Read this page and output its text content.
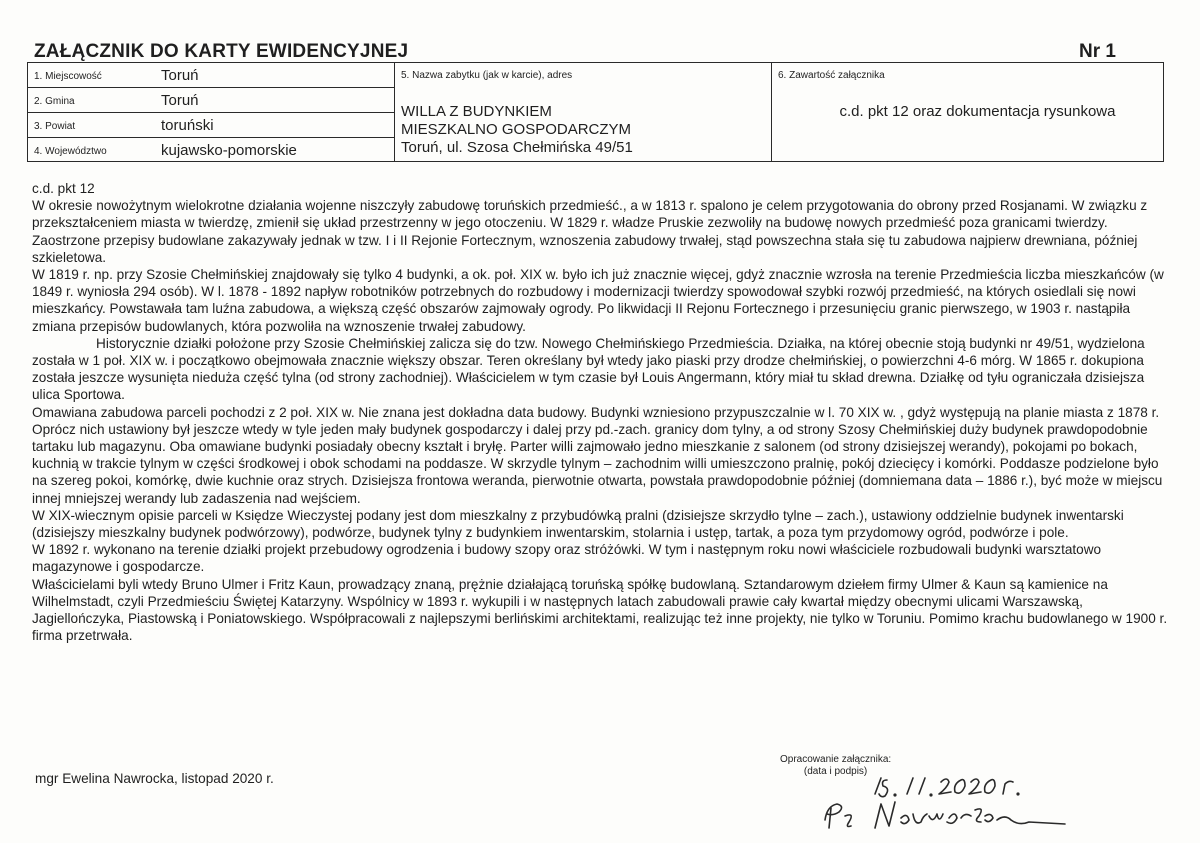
ZAŁĄCZNIK DO KARTY EWIDENCYJNEJ	Nr 1
1. Miejscowość	Toruń
2. Gmina	Toruń
3. Powiat	toruński
4. Województwo	kujawsko-pomorskie
5. Nazwa zabytku (jak w karcie), adres
WILLA Z BUDYNKIEM
MIESZKALNO GOSPODARCZYM
Toruń, ul. Szosa Chełmińska 49/51
6. Zawartość załącznika
c.d. pkt 12 oraz dokumentacja rysunkowa

c.d. pkt 12

W okresie nowożytnym wielokrotne działania wojenne niszczyły zabudowę toruńskich przedmieść., a w 1813 r. spalono je celem przygotowania do obrony przed Rosjanami. W związku z przekształceniem miasta w twierdzę, zmienił się układ przestrzenny w jego otoczeniu. W 1829 r. władze Pruskie zezwoliły na budowę nowych przedmieść poza granicami twierdzy. Zaostrzone przepisy budowlane zakazywały jednak w tzw. I i II Rejonie Fortecznym, wznoszenia zabudowy trwałej, stąd powszechna stała się tu zabudowa najpierw drewniana, później szkieletowa.

W 1819 r. np. przy Szosie Chełmińskiej znajdowały się tylko 4 budynki, a ok. poł. XIX w. było ich już znacznie więcej, gdyż znacznie wzrosła na terenie Przedmieścia liczba mieszkańców (w 1849 r. wyniosła 294 osób). W l. 1878 - 1892 napływ robotników potrzebnych do rozbudowy i modernizacji twierdzy spowodował szybki rozwój przedmieść, na których osiedlali się nowi mieszkańcy. Powstawała tam luźna zabudowa, a większą część obszarów zajmowały ogrody. Po likwidacji II Rejonu Fortecznego i przesunięciu granic pierwszego, w 1903 r. nastąpiła zmiana przepisów budowlanych, która pozwoliła na wznoszenie trwałej zabudowy.

Historycznie działki położone przy Szosie Chełmińskiej zalicza się do tzw. Nowego Chełmińskiego Przedmieścia. Działka, na której obecnie stoją budynki nr 49/51, wydzielona została w 1 poł. XIX w. i początkowo obejmowała znacznie większy obszar. Teren określany był wtedy jako piaski przy drodze chełmińskiej, o powierzchni 4-6 mórg. W 1865 r. dokupiona została jeszcze wysunięta nieduża część tylna (od strony zachodniej). Właścicielem w tym czasie był Louis Angermann, który miał tu skład drewna. Działkę od tyłu ograniczała dzisiejsza ulica Sportowa.

Omawiana zabudowa parceli pochodzi z 2 poł. XIX w. Nie znana jest dokładna data budowy. Budynki wzniesiono przypuszczalnie w l. 70 XIX w. , gdyż występują na planie miasta z 1878 r. Oprócz nich ustawiony był jeszcze wtedy w tyle jeden mały budynek gospodarczy i dalej przy pd.-zach. granicy dom tylny, a od strony Szosy Chełmińskiej duży budynek prawdopodobnie tartaku lub magazynu. Oba omawiane budynki posiadały obecny kształt i bryłę. Parter willi zajmowało jedno mieszkanie z salonem (od strony dzisiejszej werandy), pokojami po bokach, kuchnią w trakcie tylnym w części środkowej i obok schodami na poddasze. W skrzydle tylnym – zachodnim willi umieszczono pralnię, pokój dziecięcy i komórki. Poddasze podzielone było na szereg pokoi, komórkę, dwie kuchnie oraz strych. Dzisiejsza frontowa weranda, pierwotnie otwarta, powstała prawdopodobnie później (domniemana data – 1886 r.), być może w miejscu innej mniejszej werandy lub zadaszenia nad wejściem.

W XIX-wiecznym opisie parceli w Księdze Wieczystej podany jest dom mieszkalny z przybudówką pralni (dzisiejsze skrzydło tylne – zach.), ustawiony oddzielnie budynek inwentarski (dzisiejszy mieszkalny budynek podwórzowy), podwórze, budynek tylny z budynkiem inwentarskim, stolarnia i ustęp, tartak, a poza tym przydomowy ogród, podwórze i pole.

W 1892 r. wykonano na terenie działki projekt przebudowy ogrodzenia i budowy szopy oraz stróżówki. W tym i następnym roku nowi właściciele rozbudowali budynki warsztatowo magazynowe i gospodarcze.

Właścicielami byli wtedy Bruno Ulmer i Fritz Kaun, prowadzący znaną, prężnie działającą toruńską spółkę budowlaną. Sztandarowym dziełem firmy Ulmer & Kaun są kamienice na Wilhelmstadt, czyli Przedmieściu Świętej Katarzyny. Wspólnicy w 1893 r. wykupili i w następnych latach zabudowali prawie cały kwartał między obecnymi ulicami Warszawską, Jagiellończyka, Piastowską i Poniatowskiego. Współpracowali z najlepszymi berlińskimi architektami, realizując też inne projekty, nie tylko w Toruniu. Pomimo krachu budowlanego w 1900 r. firma przetrwała.

mgr Ewelina Nawrocka, listopad 2020 r.
Opracowanie załącznika:
(data i podpis)
